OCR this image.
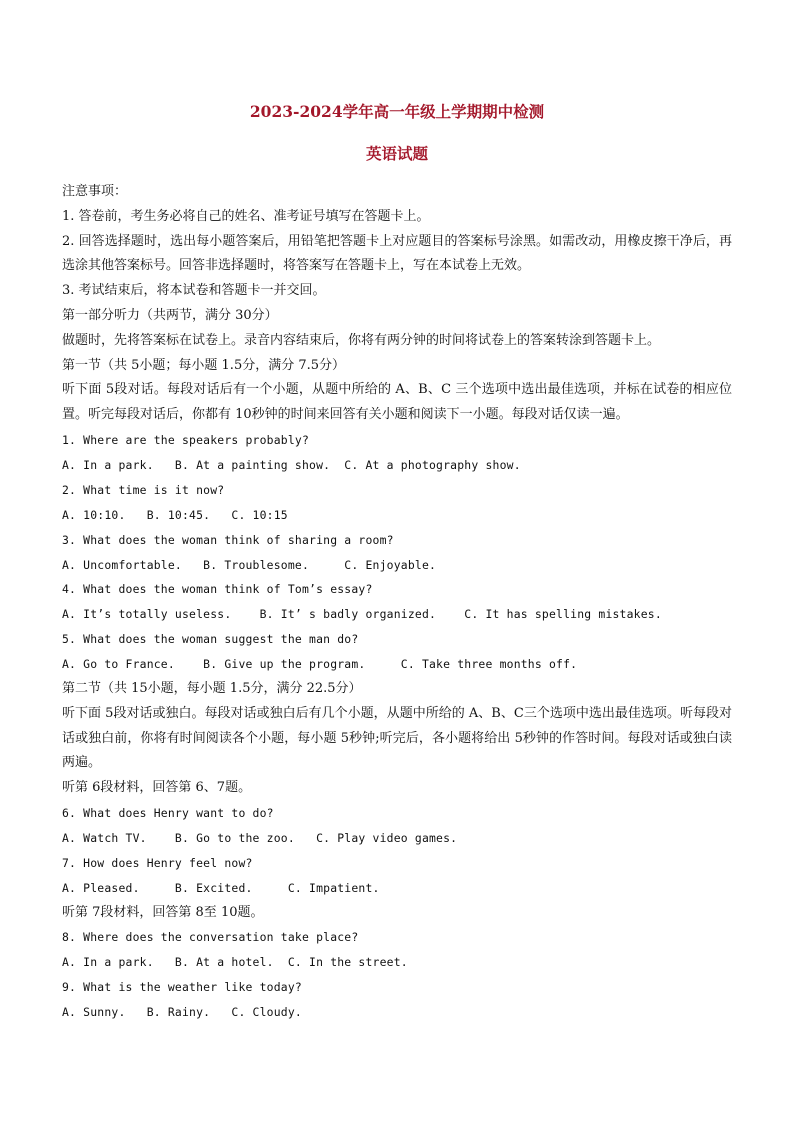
2023-2024学年高一年级上学期期中检测
英语试题

注意事项：

1. 答卷前，考生务必将自己的姓名、准考证号填写在答题卡上。

2. 回答选择题时，选出每小题答案后，用铅笔把答题卡上对应题目的答案标号涂黑。如需改动，用橡皮擦干净后，再选涂其他答案标号。回答非选择题时，将答案写在答题卡上，写在本试卷上无效。

3. 考试结束后，将本试卷和答题卡一并交回。

第一部分听力（共两节，满分 30分）

做题时，先将答案标在试卷上。录音内容结束后，你将有两分钟的时间将试卷上的答案转涂到答题卡上。

第一节（共 5小题；每小题 1.5分，满分 7.5分）

听下面 5段对话。每段对话后有一个小题，从题中所给的 A、B、C 三个选项中选出最佳选项，并标在试卷的相应位置。听完每段对话后，你都有 10秒钟的时间来回答有关小题和阅读下一小题。每段对话仅读一遍。

1. Where are the speakers probably?

A. In a park.   B. At a painting show.  C. At a photography show.

2. What time is it now?

A. 10:10.   B. 10:45.   C. 10:15

3. What does the woman think of sharing a room?

A. Uncomfortable.   B. Troublesome.     C. Enjoyable.

4. What does the woman think of Tom’s essay?

A. It’s totally useless.    B. It’ s badly organized.    C. It has spelling mistakes.

5. What does the woman suggest the man do?

A. Go to France.    B. Give up the program.     C. Take three months off.

第二节（共 15小题，每小题 1.5分，满分 22.5分）

听下面 5段对话或独白。每段对话或独白后有几个小题，从题中所给的 A、B、C三个选项中选出最佳选项。听每段对话或独白前，你将有时间阅读各个小题，每小题 5秒钟;听完后，各小题将给出 5秒钟的作答时间。每段对话或独白读两遍。

听第 6段材料，回答第 6、7题。

6. What does Henry want to do?

A. Watch TV.    B. Go to the zoo.   C. Play video games.

7. How does Henry feel now?

A. Pleased.     B. Excited.     C. Impatient.

听第 7段材料，回答第 8至 10题。

8. Where does the conversation take place?

A. In a park.   B. At a hotel.  C. In the street.

9. What is the weather like today?

A. Sunny.   B. Rainy.   C. Cloudy.
